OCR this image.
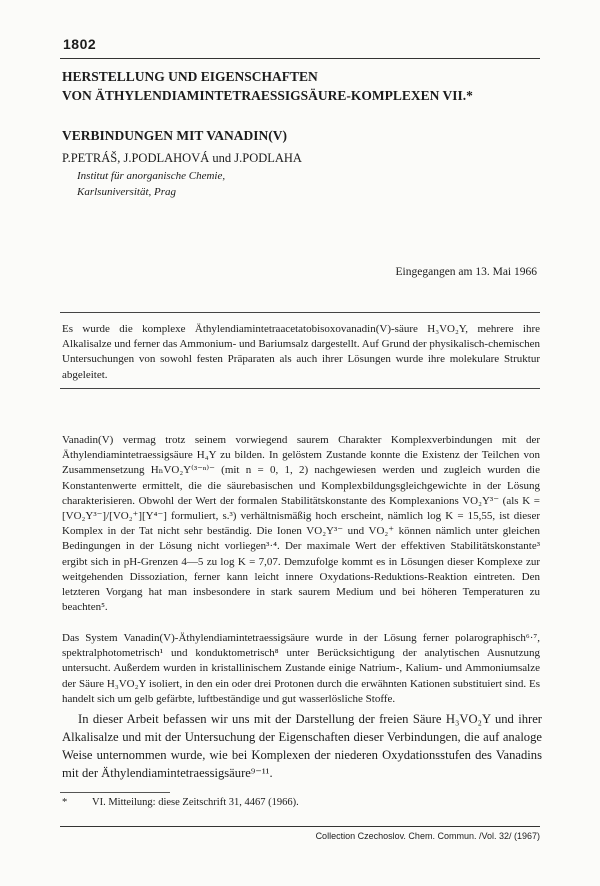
1802
HERSTELLUNG UND EIGENSCHAFTEN
VON ÄTHYLENDIAMINTETRAESSIGSÄURE-KOMPLEXEN VII.*
VERBINDUNGEN MIT VANADIN(V)
P.PETRÁŠ, J.PODLAHOVÁ und J.PODLAHA
Institut für anorganische Chemie,
Karlsuniversität, Prag
Eingegangen am 13. Mai 1966

Es wurde die komplexe Äthylendiamintetraacetatobisoxovanadin(V)-säure H₃VO₂Y, mehrere ihre Alkalisalze und ferner das Ammonium- und Bariumsalz dargestellt. Auf Grund der physikalisch-chemischen Untersuchungen von sowohl festen Präparaten als auch ihrer Lösungen wurde ihre molekulare Struktur abgeleitet.

Vanadin(V) vermag trotz seinem vorwiegend saurem Charakter Komplexverbindungen mit der Äthylendiamintetraessigsäure H₄Y zu bilden. In gelöstem Zustande konnte die Existenz der Teilchen von Zusammensetzung HₙVO₂Y⁽³⁻ⁿ⁾⁻ (mit n = 0, 1, 2) nachgewiesen werden und zugleich wurden die Konstantenwerte ermittelt, die die säurebasischen und Komplexbildungsgleichgewichte in der Lösung charakterisieren. Obwohl der Wert der formalen Stabilitätskonstante des Komplexanions VO₂Y³⁻ (als K = [VO₂Y³⁻]/[VO₂⁺][Y⁴⁻] formuliert, s.³) verhältnismäßig hoch erscheint, nämlich log K = 15,55, ist dieser Komplex in der Tat nicht sehr beständig. Die Ionen VO₂Y³⁻ und VO₂⁺ können nämlich unter gleichen Bedingungen in der Lösung nicht vorliegen³·⁴. Der maximale Wert der effektiven Stabilitätskonstante³ ergibt sich in pH-Grenzen 4—5 zu log K = 7,07. Demzufolge kommt es in Lösungen dieser Komplexe zur weitgehenden Dissoziation, ferner kann leicht innere Oxydations-Reduktions-Reaktion eintreten. Den letzteren Vorgang hat man insbesondere in stark saurem Medium und bei höheren Temperaturen zu beachten⁵.

Das System Vanadin(V)-Äthylendiamintetraessigsäure wurde in der Lösung ferner polarographisch⁶·⁷, spektralphotometrisch¹ und konduktometrisch⁸ unter Berücksichtigung der analytischen Ausnutzung untersucht. Außerdem wurden in kristallinischem Zustande einige Natrium-, Kalium- und Ammoniumsalze der Säure H₃VO₂Y isoliert, in den ein oder drei Protonen durch die erwähnten Kationen substituiert sind. Es handelt sich um gelb gefärbte, luftbeständige und gut wasserlösliche Stoffe.

In dieser Arbeit befassen wir uns mit der Darstellung der freien Säure H₃VO₂Y und ihrer Alkalisalze und mit der Untersuchung der Eigenschaften dieser Verbindungen, die auf analoge Weise unternommen wurde, wie bei Komplexen der niederen Oxydationsstufen des Vanadins mit der Äthylendiamintetraessigsäure⁹⁻¹¹.

* VI. Mitteilung: diese Zeitschrift 31, 4467 (1966).
Collection Czechoslov. Chem. Commun. /Vol. 32/ (1967)
